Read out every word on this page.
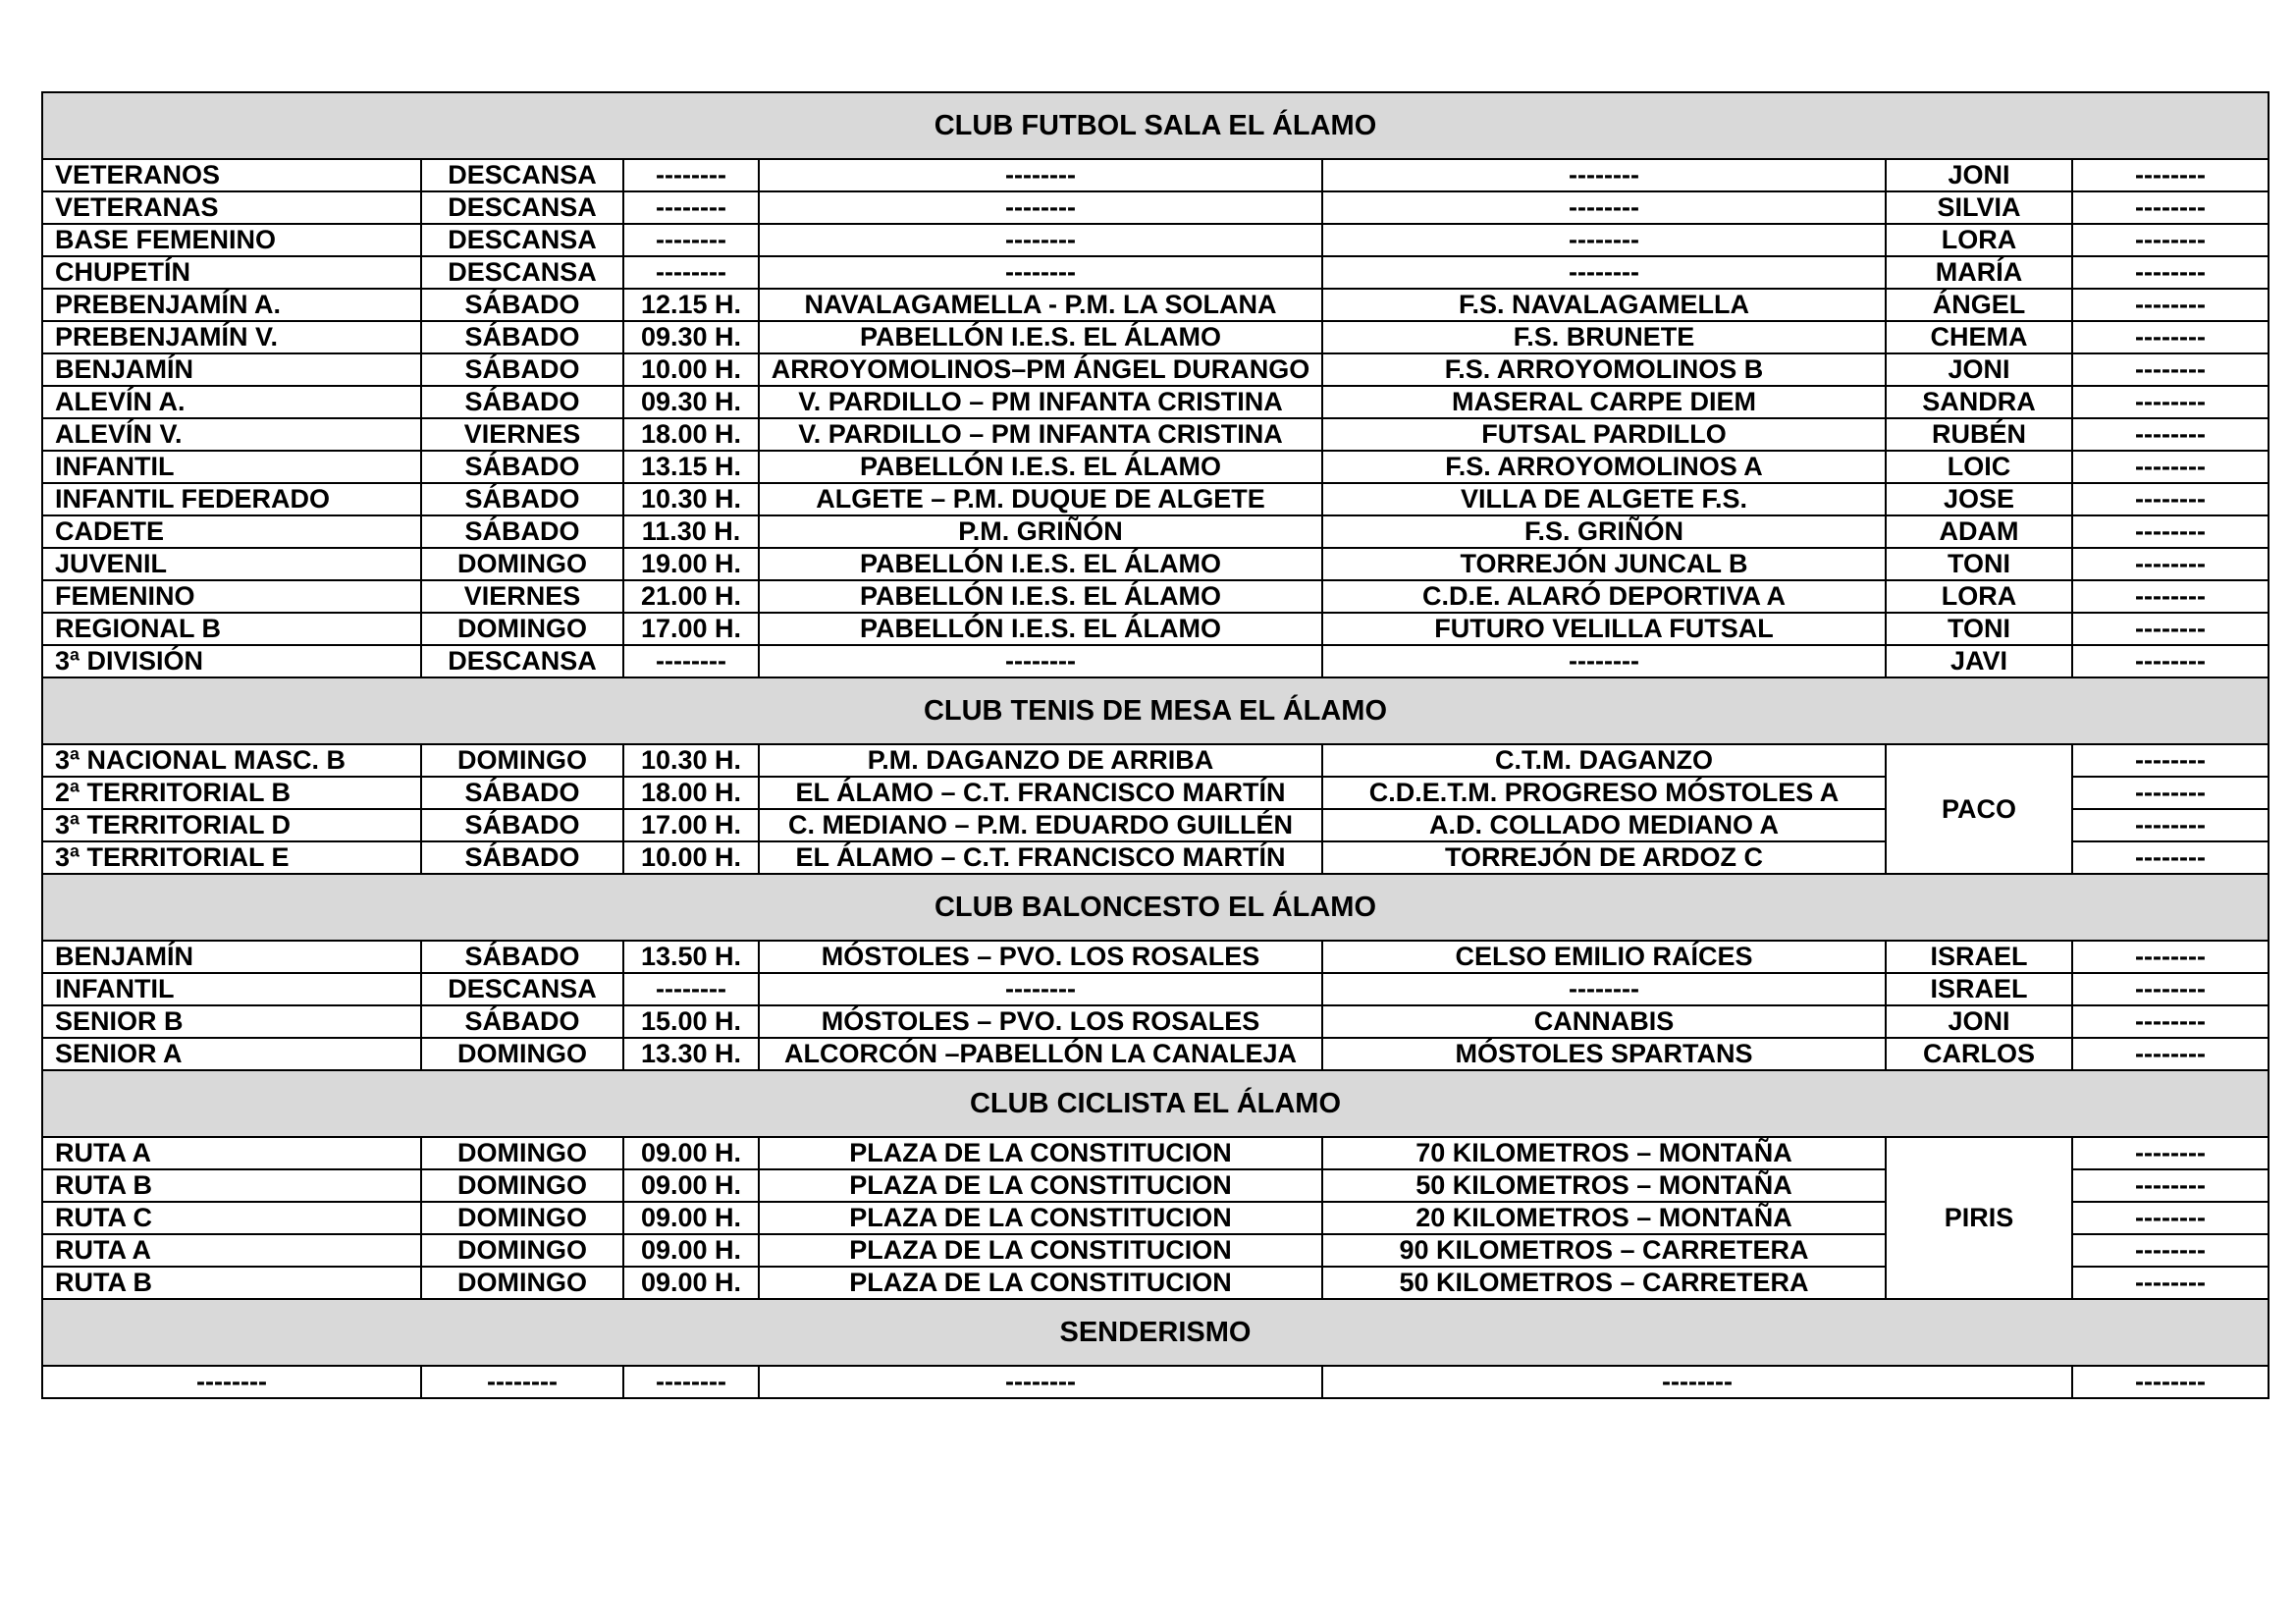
CLUB FUTBOL SALA EL ÁLAMO						
VETERANOS	DESCANSA	--------	--------	--------	JONI	--------
VETERANAS	DESCANSA	--------	--------	--------	SILVIA	--------
BASE FEMENINO	DESCANSA	--------	--------	--------	LORA	--------
CHUPETÍN	DESCANSA	--------	--------	--------	MARÍA	--------
PREBENJAMÍN A.	SÁBADO	12.15 H.	NAVALAGAMELLA - P.M. LA SOLANA	F.S. NAVALAGAMELLA	ÁNGEL	--------
PREBENJAMÍN V.	SÁBADO	09.30 H.	PABELLÓN I.E.S. EL ÁLAMO	F.S. BRUNETE	CHEMA	--------
BENJAMÍN	SÁBADO	10.00 H.	ARROYOMOLINOS–PM ÁNGEL DURANGO	F.S. ARROYOMOLINOS B	JONI	--------
ALEVÍN A.	SÁBADO	09.30 H.	V. PARDILLO – PM INFANTA CRISTINA	MASERAL CARPE DIEM	SANDRA	--------
ALEVÍN V.	VIERNES	18.00 H.	V. PARDILLO – PM INFANTA CRISTINA	FUTSAL PARDILLO	RUBÉN	--------
INFANTIL	SÁBADO	13.15 H.	PABELLÓN I.E.S. EL ÁLAMO	F.S. ARROYOMOLINOS A	LOIC	--------
INFANTIL FEDERADO	SÁBADO	10.30 H.	ALGETE – P.M. DUQUE DE ALGETE	VILLA DE ALGETE F.S.	JOSE	--------
CADETE	SÁBADO	11.30 H.	P.M. GRIÑÓN	F.S. GRIÑÓN	ADAM	--------
JUVENIL	DOMINGO	19.00 H.	PABELLÓN I.E.S. EL ÁLAMO	TORREJÓN JUNCAL B	TONI	--------
FEMENINO	VIERNES	21.00 H.	PABELLÓN I.E.S. EL ÁLAMO	C.D.E. ALARÓ DEPORTIVA A	LORA	--------
REGIONAL B	DOMINGO	17.00 H.	PABELLÓN I.E.S. EL ÁLAMO	FUTURO VELILLA FUTSAL	TONI	--------
3ª DIVISIÓN	DESCANSA	--------	--------	--------	JAVI	--------
CLUB TENIS DE MESA EL ÁLAMO						
3ª NACIONAL MASC. B	DOMINGO	10.30 H.	P.M. DAGANZO DE ARRIBA	C.T.M. DAGANZO	PACO	--------
2ª TERRITORIAL B	SÁBADO	18.00 H.	EL ÁLAMO – C.T. FRANCISCO MARTÍN	C.D.E.T.M. PROGRESO MÓSTOLES A		--------
3ª TERRITORIAL D	SÁBADO	17.00 H.	C. MEDIANO – P.M. EDUARDO GUILLÉN	A.D. COLLADO MEDIANO A		--------
3ª TERRITORIAL E	SÁBADO	10.00 H.	EL ÁLAMO – C.T. FRANCISCO MARTÍN	TORREJÓN DE ARDOZ C		--------
CLUB BALONCESTO EL ÁLAMO						
BENJAMÍN	SÁBADO	13.50 H.	MÓSTOLES – PVO. LOS ROSALES	CELSO EMILIO RAÍCES	ISRAEL	--------
INFANTIL	DESCANSA	--------	--------	--------	ISRAEL	--------
SENIOR B	SÁBADO	15.00 H.	MÓSTOLES – PVO. LOS ROSALES	CANNABIS	JONI	--------
SENIOR A	DOMINGO	13.30 H.	ALCORCÓN –PABELLÓN LA CANALEJA	MÓSTOLES SPARTANS	CARLOS	--------
CLUB CICLISTA EL ÁLAMO						
RUTA A	DOMINGO	09.00 H.	PLAZA DE LA CONSTITUCION	70 KILOMETROS – MONTAÑA	PIRIS	--------
RUTA B	DOMINGO	09.00 H.	PLAZA DE LA CONSTITUCION	50 KILOMETROS – MONTAÑA		--------
RUTA C	DOMINGO	09.00 H.	PLAZA DE LA CONSTITUCION	20 KILOMETROS – MONTAÑA		--------
RUTA A	DOMINGO	09.00 H.	PLAZA DE LA CONSTITUCION	90 KILOMETROS – CARRETERA		--------
RUTA B	DOMINGO	09.00 H.	PLAZA DE LA CONSTITUCION	50 KILOMETROS – CARRETERA		--------
SENDERISMO						
--------	--------	--------	--------	--------		--------
